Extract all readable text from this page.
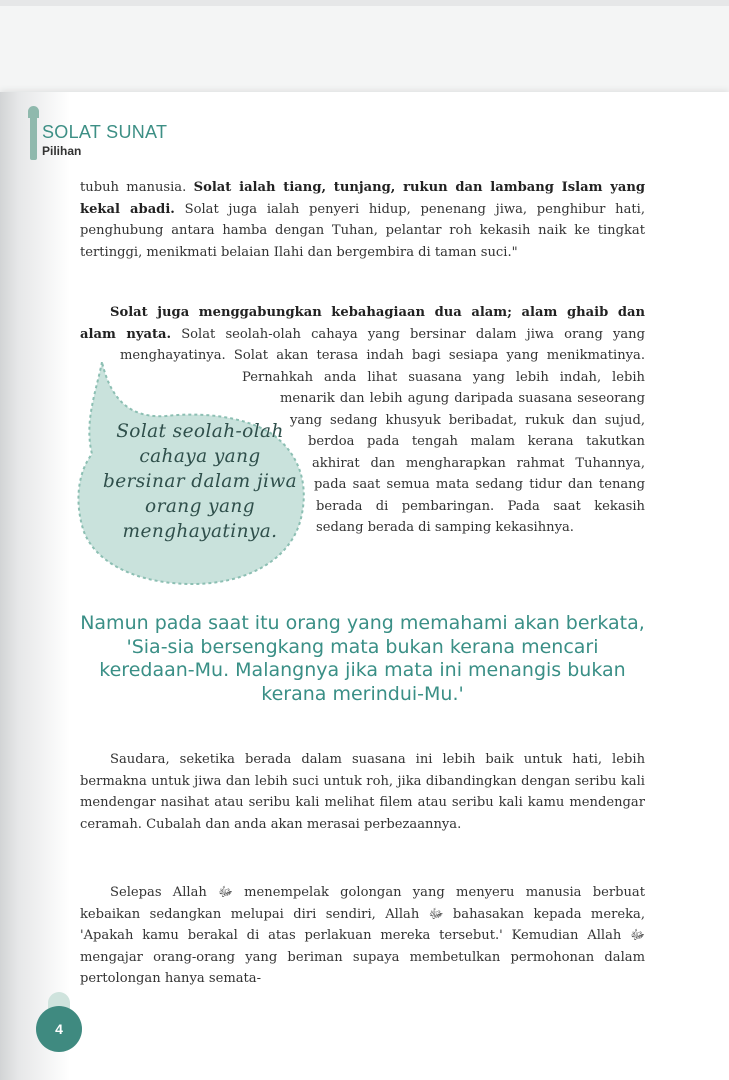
SOLAT SUNAT
Pilihan

tubuh manusia. Solat ialah tiang, tunjang, rukun dan lambang Islam yang kekal abadi. Solat juga ialah penyeri hidup, penenang jiwa, penghibur hati, penghubung antara hamba dengan Tuhan, pelantar roh kekasih naik ke tingkat tertinggi, menikmati belaian Ilahi dan bergembira di taman suci."

Solat juga menggabungkan kebahagiaan dua alam; alam ghaib dan alam nyata. Solat seolah-olah cahaya yang bersinar dalam jiwa orang yang menghayatinya. Solat akan terasa indah bagi sesiapa yang menikmatinya. Pernahkah anda lihat suasana yang lebih indah, lebih menarik dan lebih agung daripada suasana seseorang yang sedang khusyuk beribadat, rukuk dan sujud, berdoa pada tengah malam kerana takutkan akhirat dan mengharapkan rahmat Tuhannya, pada saat semua mata sedang tidur dan tenang berada di pembaringan. Pada saat kekasih sedang berada di samping kekasihnya.

Solat seolah-olah cahaya yang bersinar dalam jiwa orang yang menghayatinya.

Namun pada saat itu orang yang memahami akan berkata, 'Sia-sia bersengkang mata bukan kerana mencari keredaan-Mu. Malangnya jika mata ini menangis bukan kerana merindui-Mu.'

Saudara, seketika berada dalam suasana ini lebih baik untuk hati, lebih bermakna untuk jiwa dan lebih suci untuk roh, jika dibandingkan dengan seribu kali mendengar nasihat atau seribu kali melihat filem atau seribu kali kamu mendengar ceramah. Cubalah dan anda akan merasai perbezaannya.

Selepas Allah ﷻ menempelak golongan yang menyeru manusia berbuat kebaikan sedangkan melupai diri sendiri, Allah ﷻ bahasakan kepada mereka, 'Apakah kamu berakal di atas perlakuan mereka tersebut.' Kemudian Allah ﷻ mengajar orang-orang yang beriman supaya membetulkan permohonan dalam pertolongan hanya semata-

4
